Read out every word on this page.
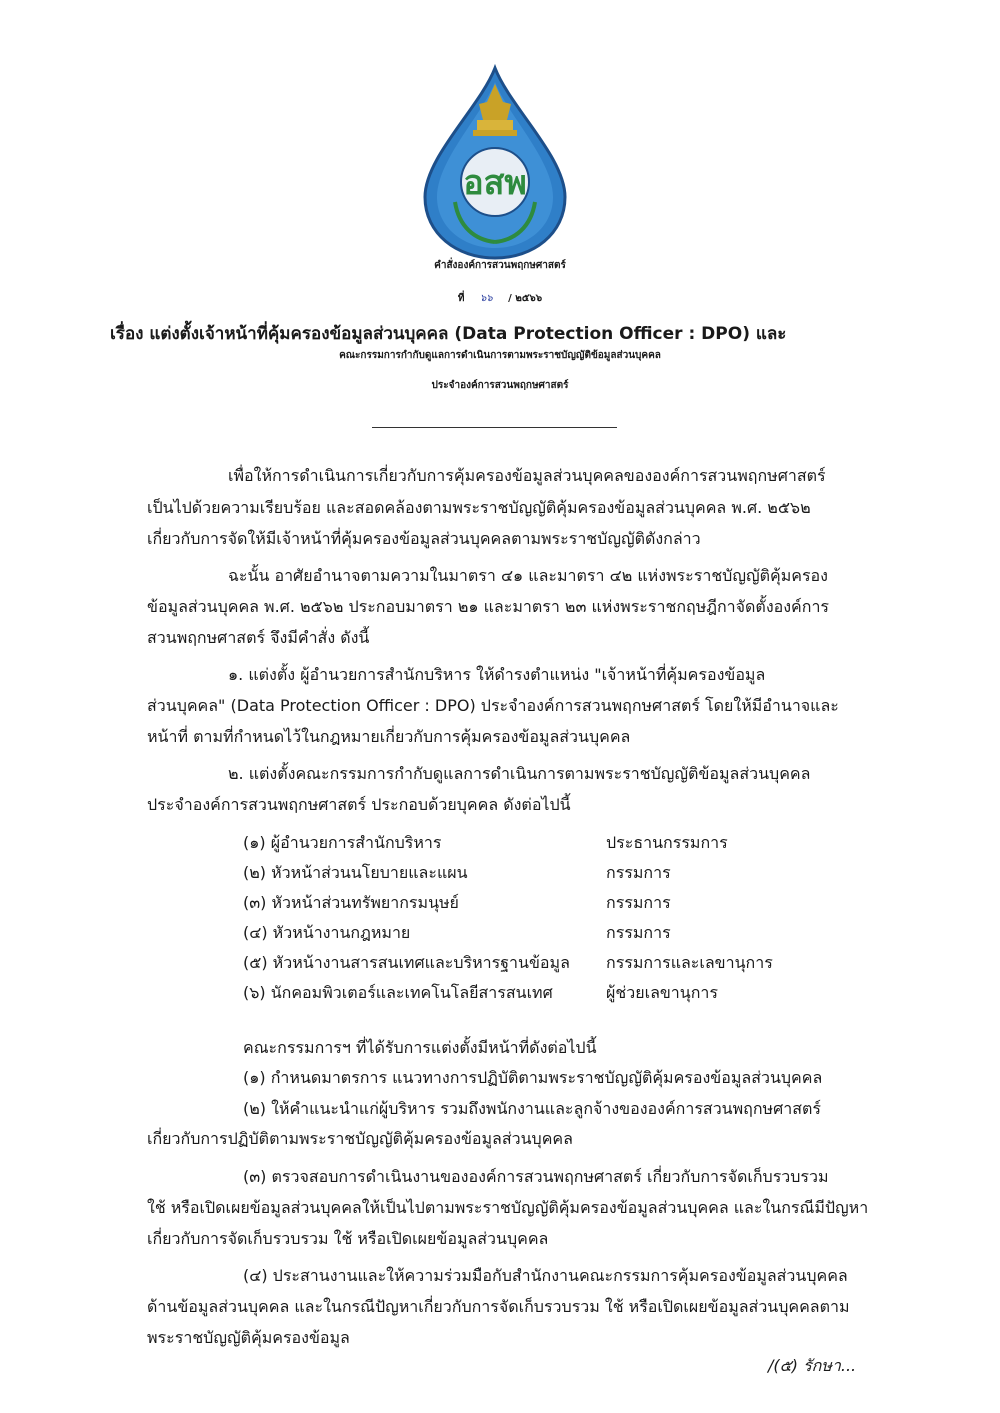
อสพ
คำสั่งองค์การสวนพฤกษศาสตร์
ที่ ๖๖ / ๒๕๖๖
เรื่อง แต่งตั้งเจ้าหน้าที่คุ้มครองข้อมูลส่วนบุคคล (Data Protection Officer : DPO) และ
คณะกรรมการกำกับดูแลการดำเนินการตามพระราชบัญญัติข้อมูลส่วนบุคคล
ประจำองค์การสวนพฤกษศาสตร์
เพื่อให้การดำเนินการเกี่ยวกับการคุ้มครองข้อมูลส่วนบุคคลขององค์การสวนพฤกษศาสตร์
เป็นไปด้วยความเรียบร้อย และสอดคล้องตามพระราชบัญญัติคุ้มครองข้อมูลส่วนบุคคล พ.ศ. ๒๕๖๒
เกี่ยวกับการจัดให้มีเจ้าหน้าที่คุ้มครองข้อมูลส่วนบุคคลตามพระราชบัญญัติดังกล่าว
ฉะนั้น อาศัยอำนาจตามความในมาตรา ๔๑ และมาตรา ๔๒ แห่งพระราชบัญญัติคุ้มครอง
ข้อมูลส่วนบุคคล พ.ศ. ๒๕๖๒ ประกอบมาตรา ๒๑ และมาตรา ๒๓ แห่งพระราชกฤษฎีกาจัดตั้งองค์การ
สวนพฤกษศาสตร์ จึงมีคำสั่ง ดังนี้
๑. แต่งตั้ง ผู้อำนวยการสำนักบริหาร ให้ดำรงตำแหน่ง "เจ้าหน้าที่คุ้มครองข้อมูล
ส่วนบุคคล" (Data Protection Officer : DPO) ประจำองค์การสวนพฤกษศาสตร์ โดยให้มีอำนาจและ
หน้าที่ ตามที่กำหนดไว้ในกฎหมายเกี่ยวกับการคุ้มครองข้อมูลส่วนบุคคล
๒. แต่งตั้งคณะกรรมการกำกับดูแลการดำเนินการตามพระราชบัญญัติข้อมูลส่วนบุคคล
ประจำองค์การสวนพฤกษศาสตร์ ประกอบด้วยบุคคล ดังต่อไปนี้
(๑) ผู้อำนวยการสำนักบริหาร	ประธานกรรมการ
(๒) หัวหน้าส่วนนโยบายและแผน	กรรมการ
(๓) หัวหน้าส่วนทรัพยากรมนุษย์	กรรมการ
(๔) หัวหน้างานกฎหมาย	กรรมการ
(๕) หัวหน้างานสารสนเทศและบริหารฐานข้อมูล กรรมการและเลขานุการ
(๖) นักคอมพิวเตอร์และเทคโนโลยีสารสนเทศ	ผู้ช่วยเลขานุการ
คณะกรรมการฯ ที่ได้รับการแต่งตั้งมีหน้าที่ดังต่อไปนี้
(๑) กำหนดมาตรการ แนวทางการปฏิบัติตามพระราชบัญญัติคุ้มครองข้อมูลส่วนบุคคล
(๒) ให้คำแนะนำแก่ผู้บริหาร รวมถึงพนักงานและลูกจ้างขององค์การสวนพฤกษศาสตร์
เกี่ยวกับการปฏิบัติตามพระราชบัญญัติคุ้มครองข้อมูลส่วนบุคคล
(๓) ตรวจสอบการดำเนินงานขององค์การสวนพฤกษศาสตร์ เกี่ยวกับการจัดเก็บรวบรวม
ใช้ หรือเปิดเผยข้อมูลส่วนบุคคลให้เป็นไปตามพระราชบัญญัติคุ้มครองข้อมูลส่วนบุคคล และในกรณีมีปัญหา
เกี่ยวกับการจัดเก็บรวบรวม ใช้ หรือเปิดเผยข้อมูลส่วนบุคคล
(๔) ประสานงานและให้ความร่วมมือกับสำนักงานคณะกรรมการคุ้มครองข้อมูลส่วนบุคคล
ด้านข้อมูลส่วนบุคคล และในกรณีปัญหาเกี่ยวกับการจัดเก็บรวบรวม ใช้ หรือเปิดเผยข้อมูลส่วนบุคคลตาม
พระราชบัญญัติคุ้มครองข้อมูล
/(๕) รักษา...
